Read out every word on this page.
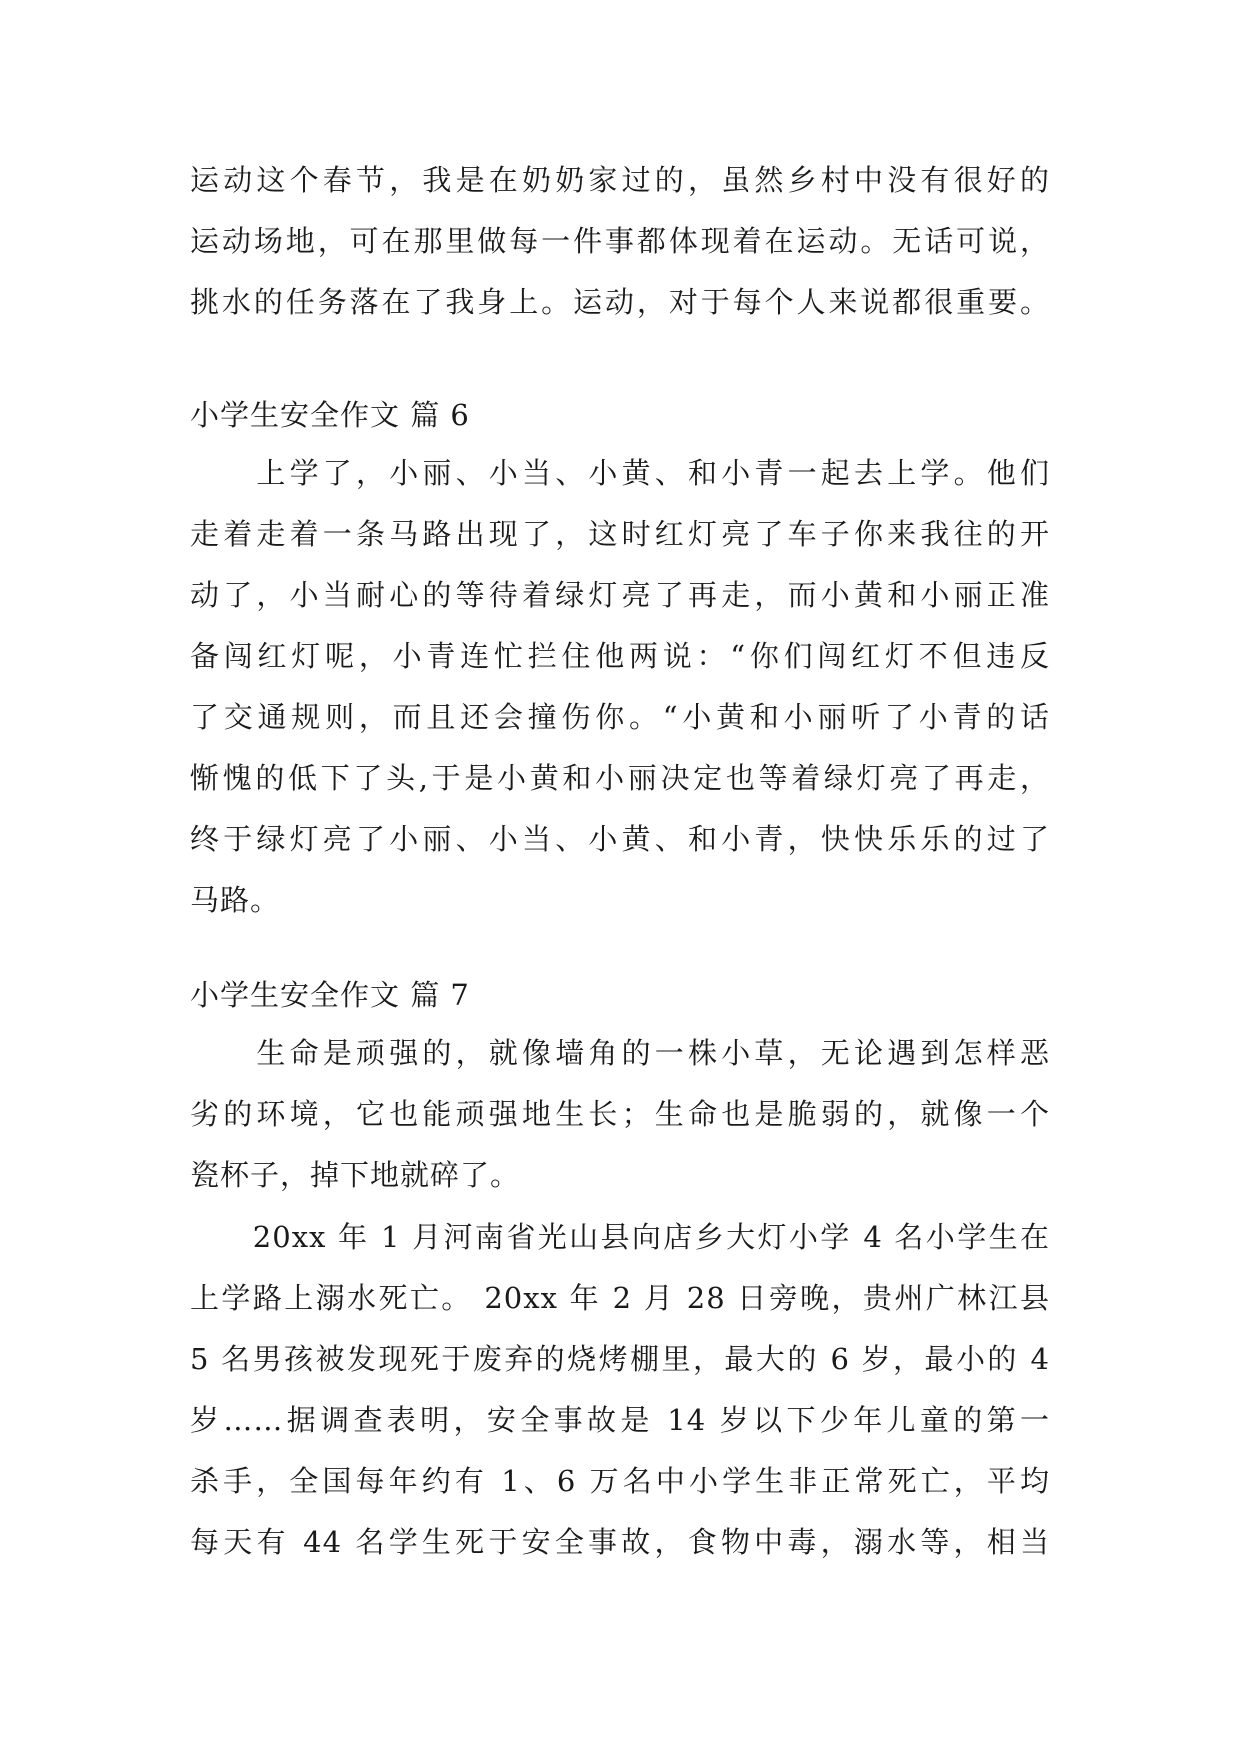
运动这个春节，我是在奶奶家过的，虽然乡村中没有很好的
运动场地，可在那里做每一件事都体现着在运动。无话可说，
挑水的任务落在了我身上。运动，对于每个人来说都很重要。
小学生安全作文 篇 6
　　上学了，小丽、小当、小黄、和小青一起去上学。他们
走着走着一条马路出现了，这时红灯亮了车子你来我往的开
动了，小当耐心的等待着绿灯亮了再走，而小黄和小丽正准
备闯红灯呢，小青连忙拦住他两说：“你们闯红灯不但违反
了交通规则，而且还会撞伤你。“小黄和小丽听了小青的话
惭愧的低下了头,于是小黄和小丽决定也等着绿灯亮了再走，
终于绿灯亮了小丽、小当、小黄、和小青，快快乐乐的过了
马路。
小学生安全作文 篇 7
　　生命是顽强的，就像墙角的一株小草，无论遇到怎样恶
劣的环境，它也能顽强地生长；生命也是脆弱的，就像一个
瓷杯子，掉下地就碎了。
　　20xx 年 1 月河南省光山县向店乡大灯小学 4 名小学生在
上学路上溺水死亡。 20xx 年 2 月 28 日旁晚，贵州广林江县
5 名男孩被发现死于废弃的烧烤棚里，最大的 6 岁，最小的 4
岁……据调查表明，安全事故是 14 岁以下少年儿童的第一
杀手，全国每年约有 1、6 万名中小学生非正常死亡，平均
每天有 44 名学生死于安全事故，食物中毒，溺水等，相当
